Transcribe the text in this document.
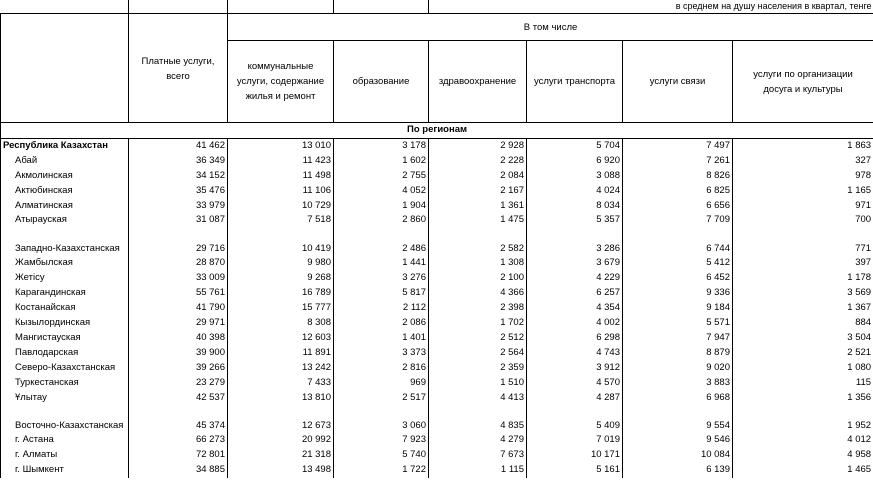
				в среднем на душу населения в квартал, тенге			

	Платные услуги, всего	В том числе					

		коммунальные услуги, содержание жилья и ремонт	образование	здравоохранение	услуги транспорта	услуги связи	услуги по организации досуга и культуры

По регионам							
Республика Казахстан	41 462	13 010	3 178	2 928	5 704	7 497	1 863
Абай	36 349	11 423	1 602	2 228	6 920	7 261	327
Акмолинская	34 152	11 498	2 755	2 084	3 088	8 826	978
Актюбинская	35 476	11 106	4 052	2 167	4 024	6 825	1 165
Алматинская	33 979	10 729	1 904	1 361	8 034	6 656	971
Атырауская	31 087	7 518	2 860	1 475	5 357	7 709	700
Западно-Казахстанская	29 716	10 419	2 486	2 582	3 286	6 744	771
Жамбылская	28 870	9 980	1 441	1 308	3 679	5 412	397
Жетісу	33 009	9 268	3 276	2 100	4 229	6 452	1 178
Карагандинская	55 761	16 789	5 817	4 366	6 257	9 336	3 569
Костанайская	41 790	15 777	2 112	2 398	4 354	9 184	1 367
Кызылординская	29 971	8 308	2 086	1 702	4 002	5 571	884
Мангистауская	40 398	12 603	1 401	2 512	6 298	7 947	3 504
Павлодарская	39 900	11 891	3 373	2 564	4 743	8 879	2 521
Северо-Казахстанская	39 266	13 242	2 816	2 359	3 912	9 020	1 080
Туркестанская	23 279	7 433	969	1 510	4 570	3 883	115
Ұлытау	42 537	13 810	2 517	4 413	4 287	6 968	1 356
Восточно-Казахстанская	45 374	12 673	3 060	4 835	5 409	9 554	1 952
г. Астана	66 273	20 992	7 923	4 279	7 019	9 546	4 012
г. Алматы	72 801	21 318	5 740	7 673	10 171	10 084	4 958
г. Шымкент	34 885	13 498	1 722	1 115	5 161	6 139	1 465
